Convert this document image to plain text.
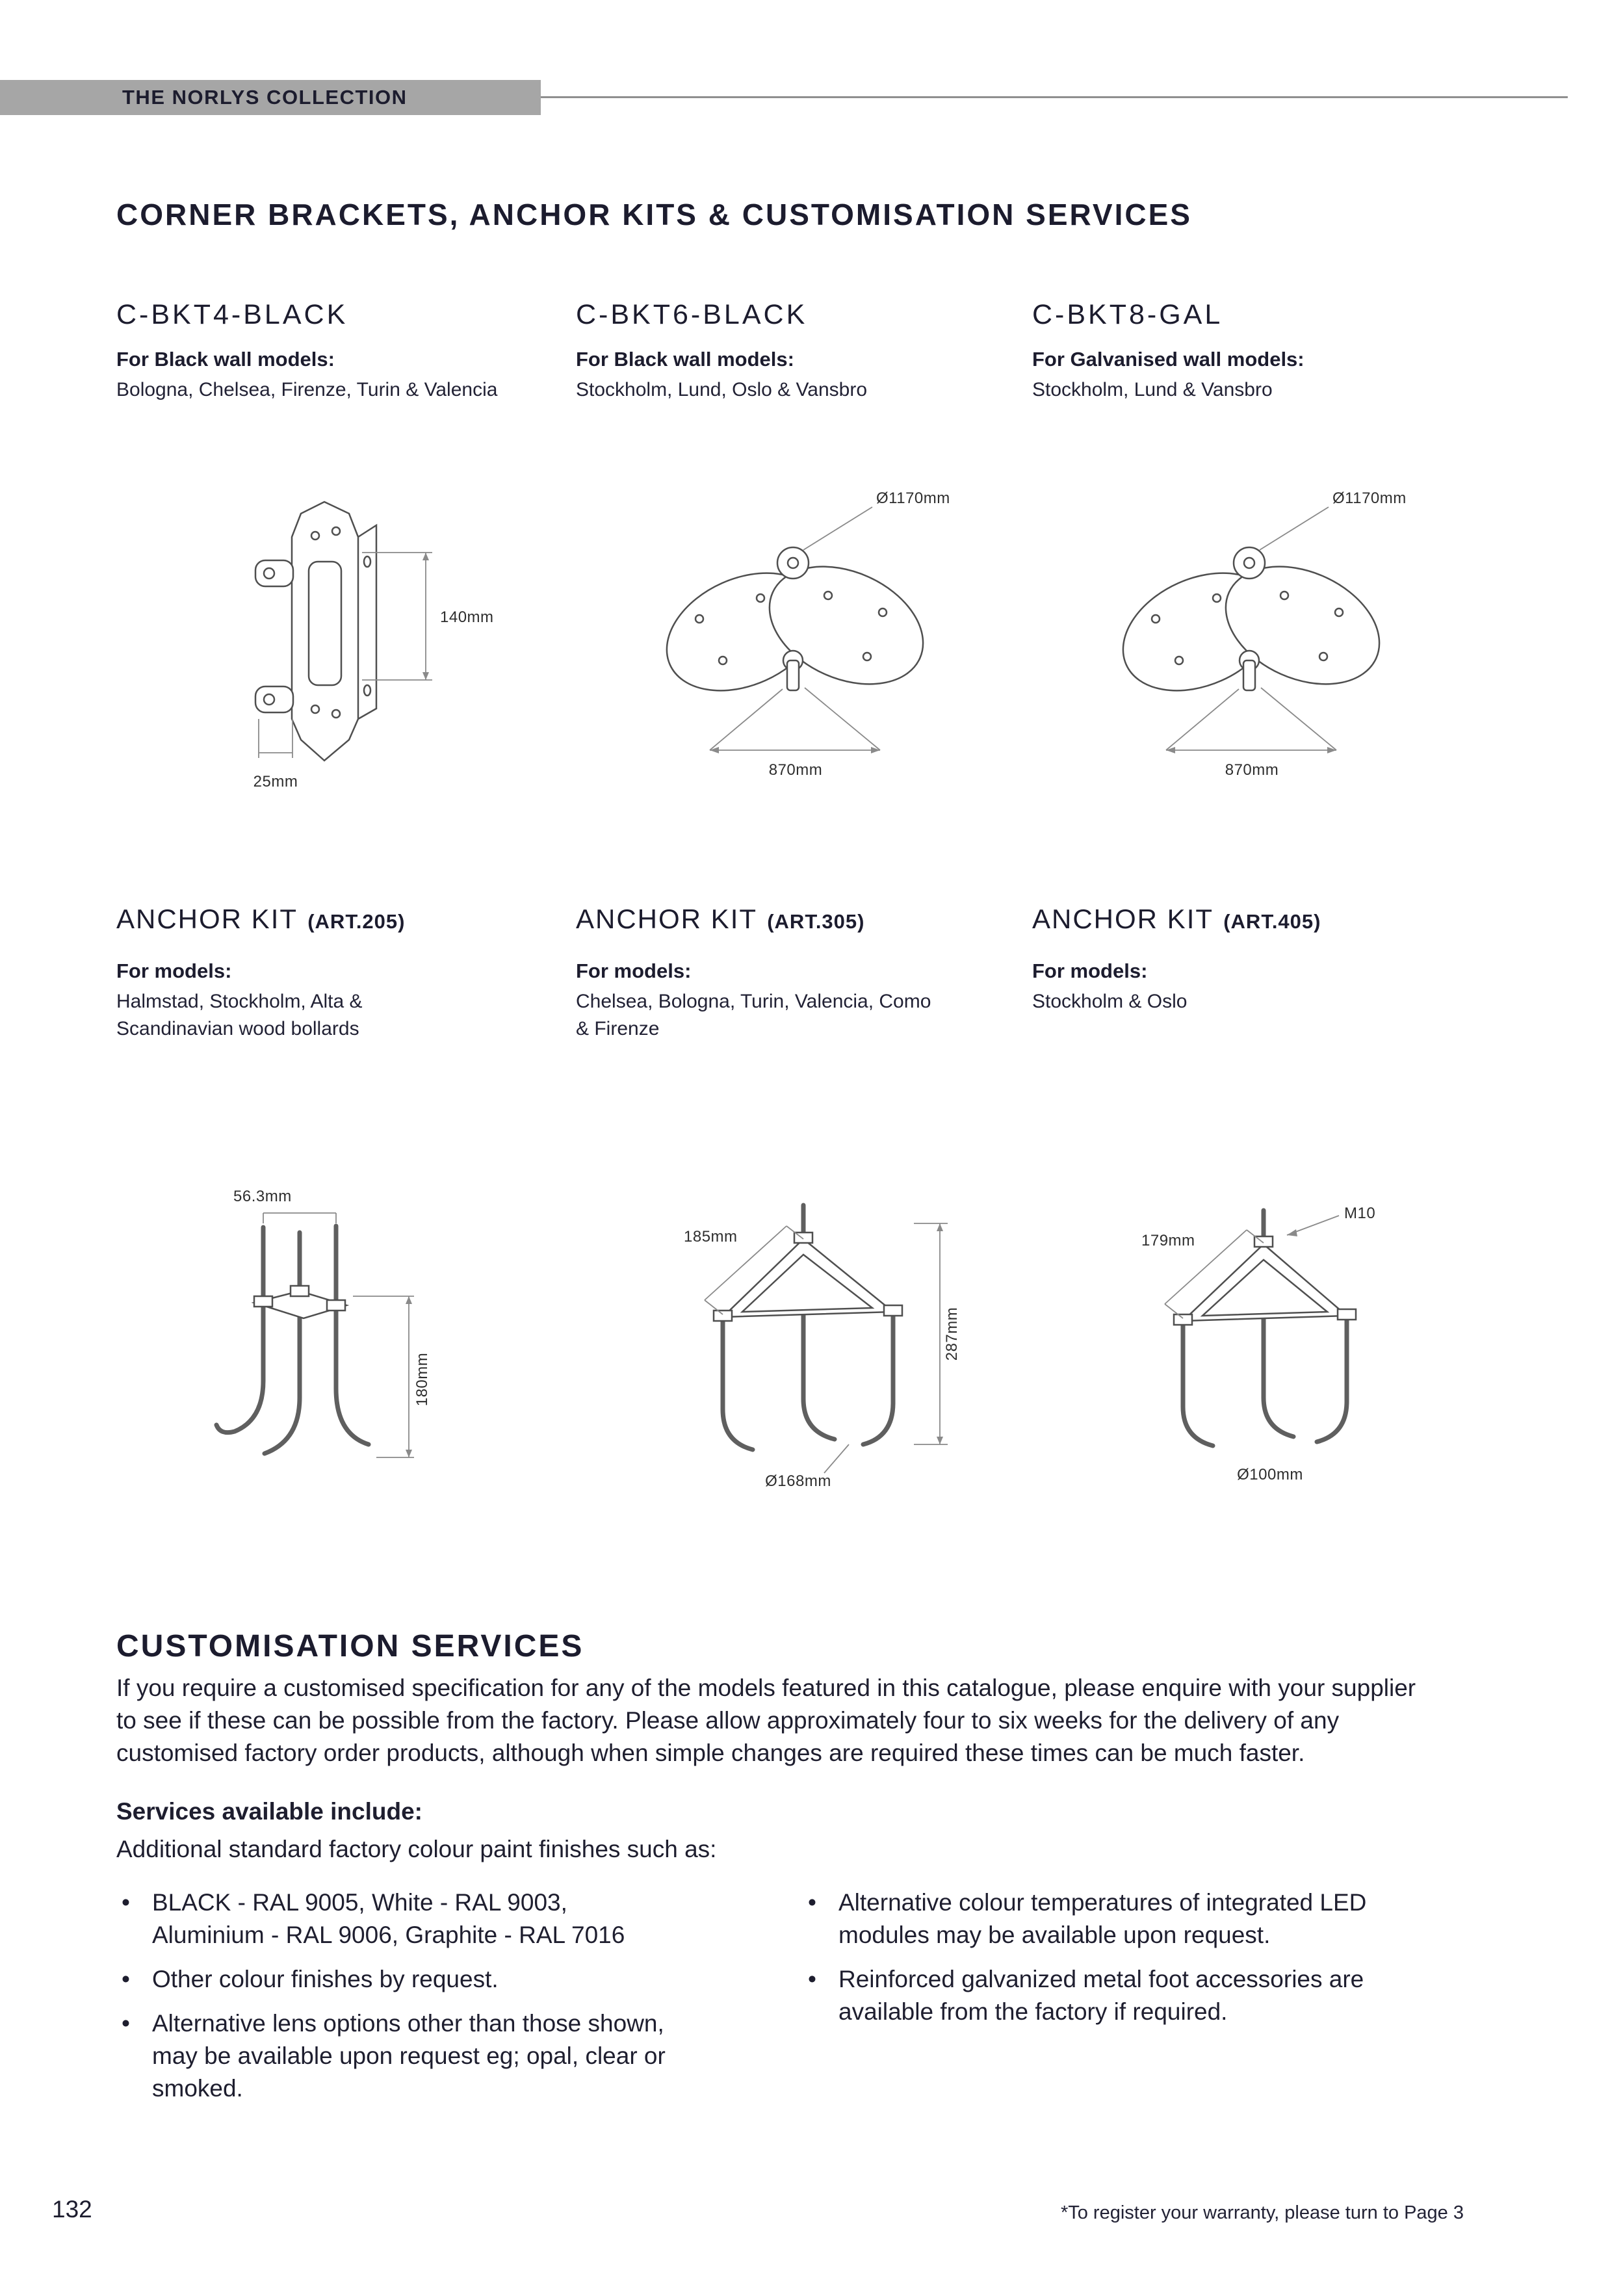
THE NORLYS COLLECTION
CORNER BRACKETS, ANCHOR KITS & CUSTOMISATION SERVICES
C-BKT4-BLACK

For Black wall models:

Bologna, Chelsea, Firenze, Turin & Valencia

140mm
25mm
C-BKT6-BLACK

For Black wall models:

Stockholm, Lund, Oslo & Vansbro

Ø1170mm
870mm
C-BKT8-GAL

For Galvanised wall models:

Stockholm, Lund & Vansbro

Ø1170mm
870mm
ANCHOR KIT (ART.205)

For models:

Halmstad, Stockholm, Alta & Scandinavian wood bollards

56.3mm
180mm
ANCHOR KIT (ART.305)

For models:

Chelsea, Bologna, Turin, Valencia, Como & Firenze

185mm
287mm
Ø168mm
ANCHOR KIT (ART.405)

For models:

Stockholm & Oslo

179mm
M10
Ø100mm
CUSTOMISATION SERVICES

If you require a customised specification for any of the models featured in this catalogue, please enquire with your supplier to see if these can be possible from the factory. Please allow approximately four to six weeks for the delivery of any customised factory order products, although when simple changes are required these times can be much faster.

Services available include:

Additional standard factory colour paint finishes such as:

• BLACK - RAL 9005, White - RAL 9003, Aluminium - RAL 9006, Graphite - RAL 7016
• Other colour finishes by request.
• Alternative lens options other than those shown, may be available upon request eg; opal, clear or smoked.
• Alternative colour temperatures of integrated LED modules may be available upon request.
• Reinforced galvanized metal foot accessories are available from the factory if required.
132	*To register your warranty, please turn to Page 3
